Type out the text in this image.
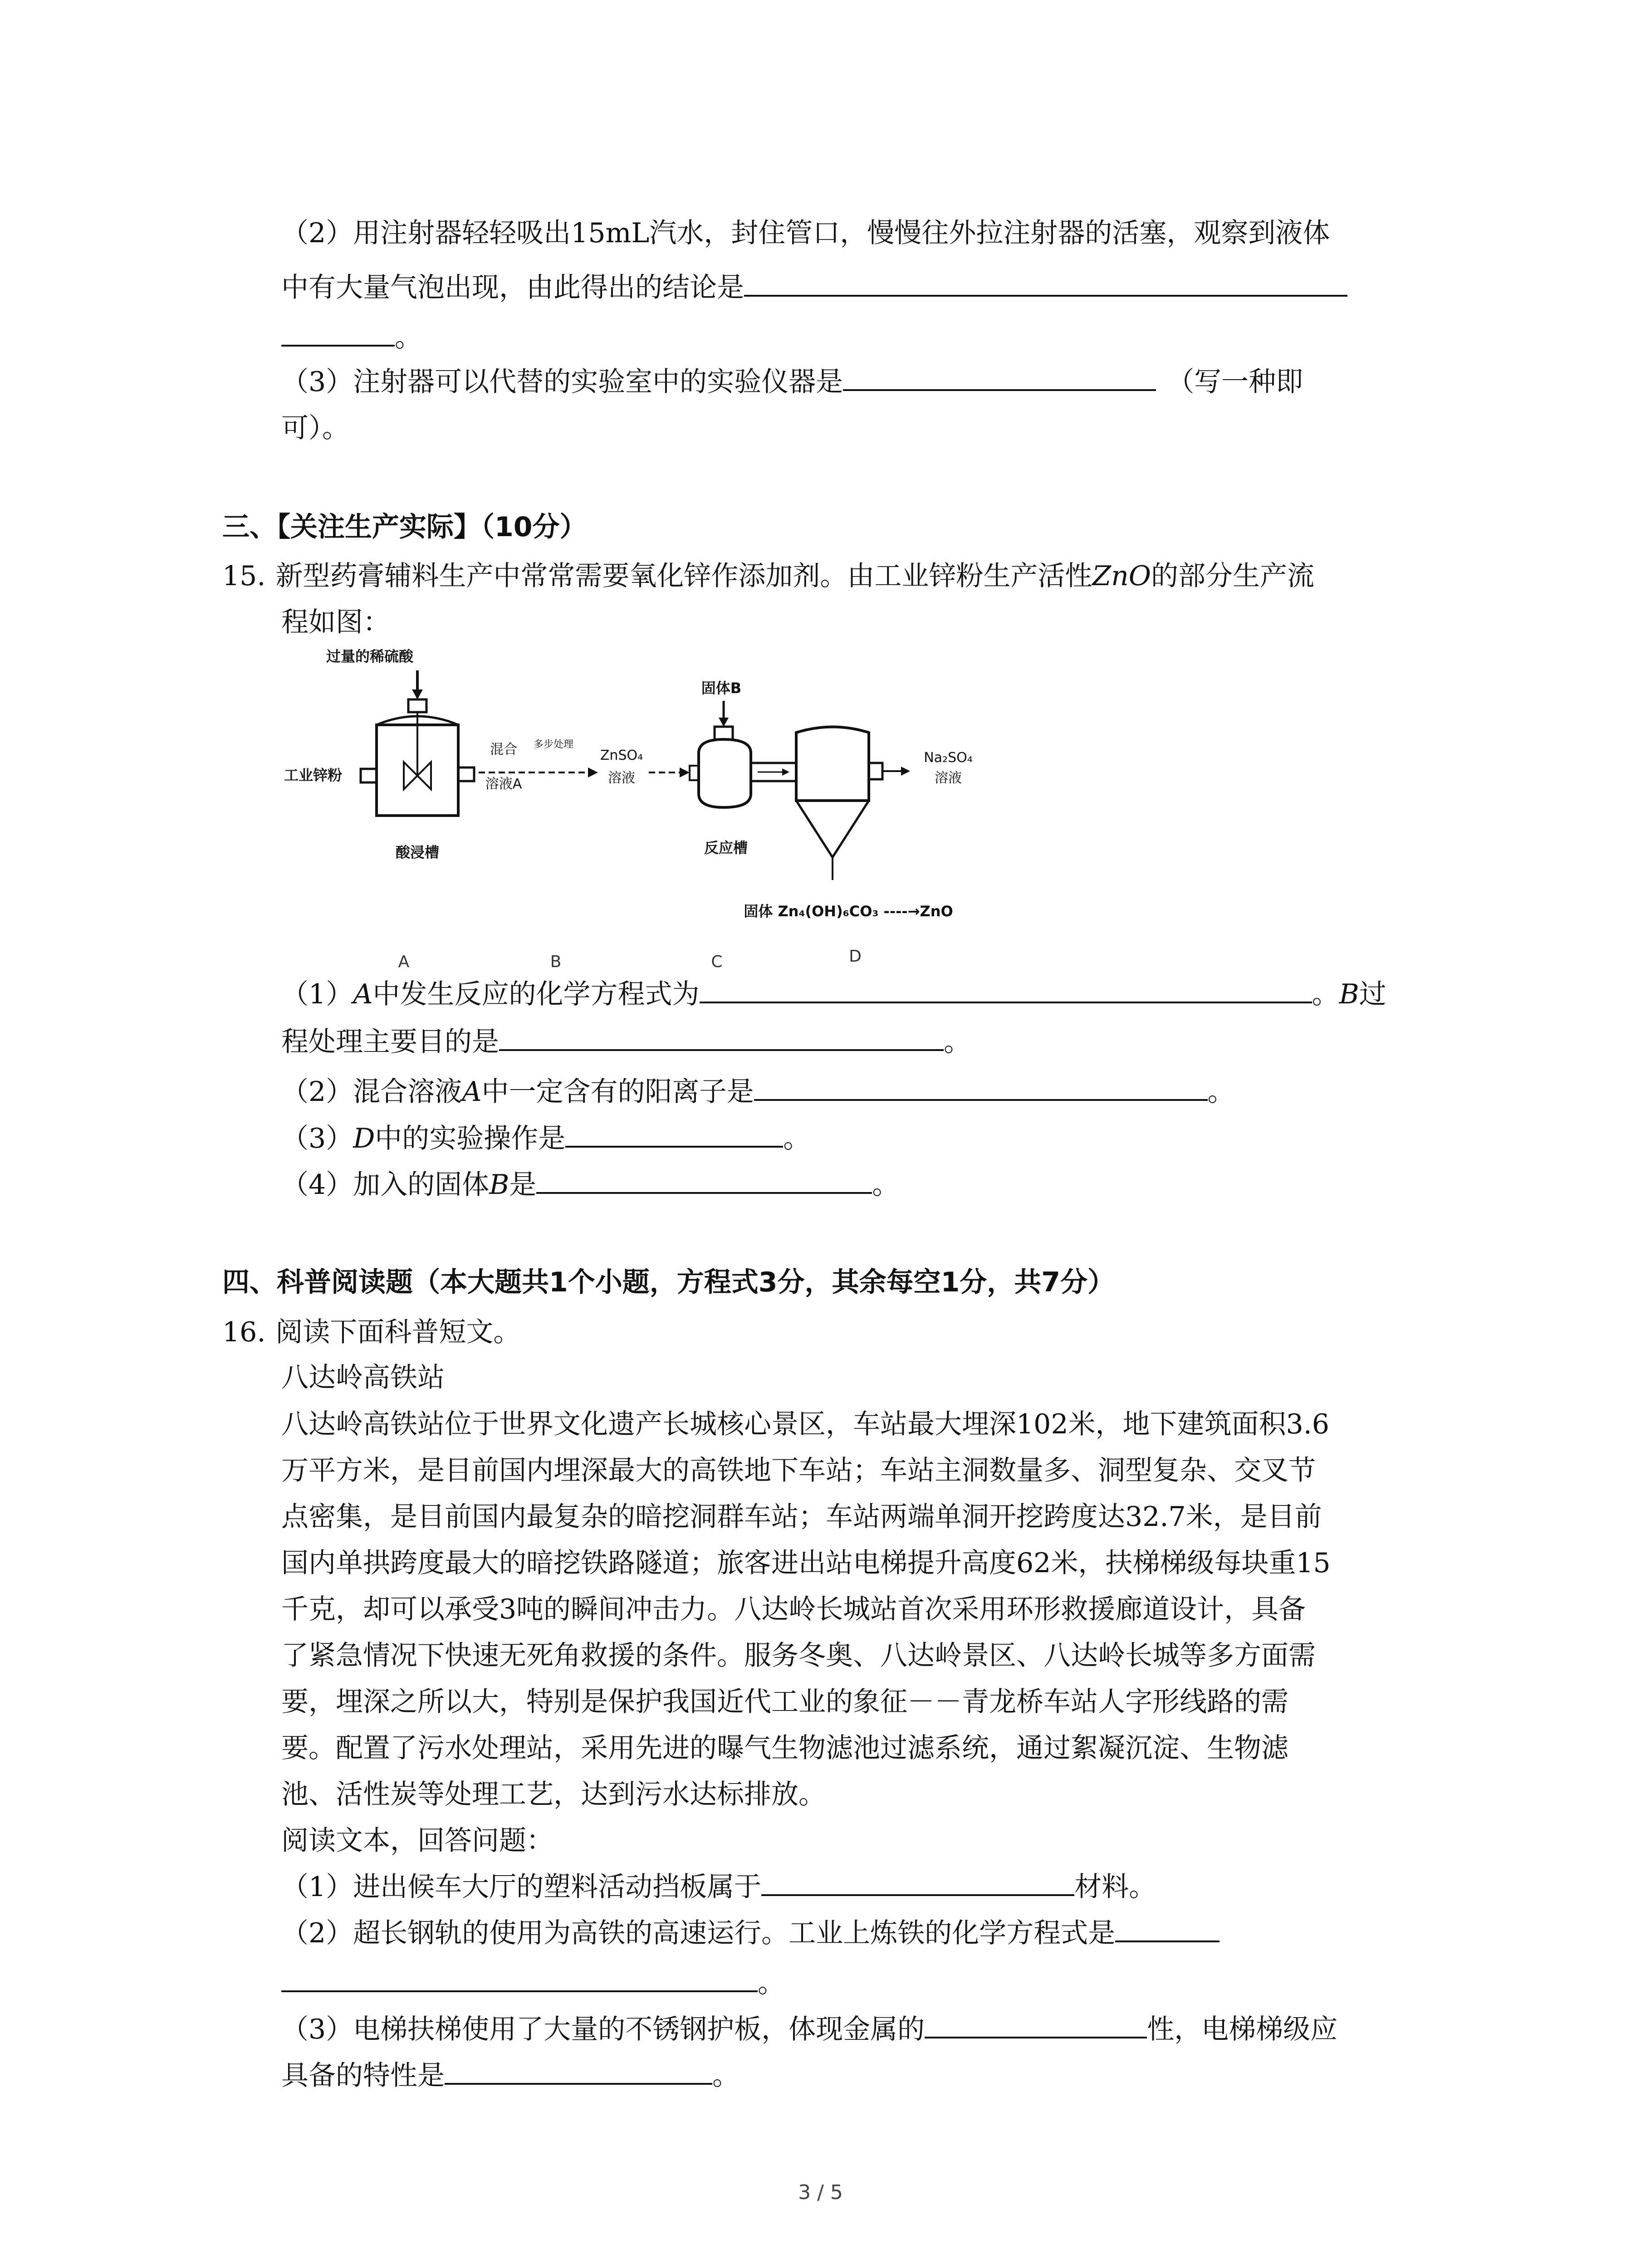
（2）用注射器轻轻吸出15mL汽水，封住管口，慢慢往外拉注射器的活塞，观察到液体
中有大量气泡出现，由此得出的结论是
。
（3）注射器可以代替的实验室中的实验仪器是	（写一种即
可）。
三、【关注生产实际】（10分）
15. 新型药膏辅料生产中常常需要氧化锌作添加剂。由工业锌粉生产活性ZnO的部分生产流
程如图：
过量的稀硫酸
工业锌粉
酸浸槽
混合
溶液A
多步处理
ZnSO₄
溶液
固体B
反应槽
Na₂SO₄
溶液
固体 Zn₄(OH)₆CO₃ ----→ZnO
A	B	C	D
（1）A中发生反应的化学方程式为	。B过
程处理主要目的是	。
（2）混合溶液A中一定含有的阳离子是	。
（3）D中的实验操作是	。
（4）加入的固体B是	。
四、科普阅读题（本大题共1个小题，方程式3分，其余每空1分，共7分）
16. 阅读下面科普短文。
八达岭高铁站
八达岭高铁站位于世界文化遗产长城核心景区，车站最大埋深102米，地下建筑面积3.6
万平方米，是目前国内埋深最大的高铁地下车站；车站主洞数量多、洞型复杂、交叉节
点密集，是目前国内最复杂的暗挖洞群车站；车站两端单洞开挖跨度达32.7米，是目前
国内单拱跨度最大的暗挖铁路隧道；旅客进出站电梯提升高度62米，扶梯梯级每块重15
千克，却可以承受3吨的瞬间冲击力。八达岭长城站首次采用环形救援廊道设计，具备
了紧急情况下快速无死角救援的条件。服务冬奥、八达岭景区、八达岭长城等多方面需
要，埋深之所以大，特别是保护我国近代工业的象征－－青龙桥车站人字形线路的需
要。配置了污水处理站，采用先进的曝气生物滤池过滤系统，通过絮凝沉淀、生物滤
池、活性炭等处理工艺，达到污水达标排放。
阅读文本，回答问题：
（1）进出候车大厅的塑料活动挡板属于	材料。
（2）超长钢轨的使用为高铁的高速运行。工业上炼铁的化学方程式是
。
（3）电梯扶梯使用了大量的不锈钢护板，体现金属的	性，电梯梯级应
具备的特性是	。
3 / 5
